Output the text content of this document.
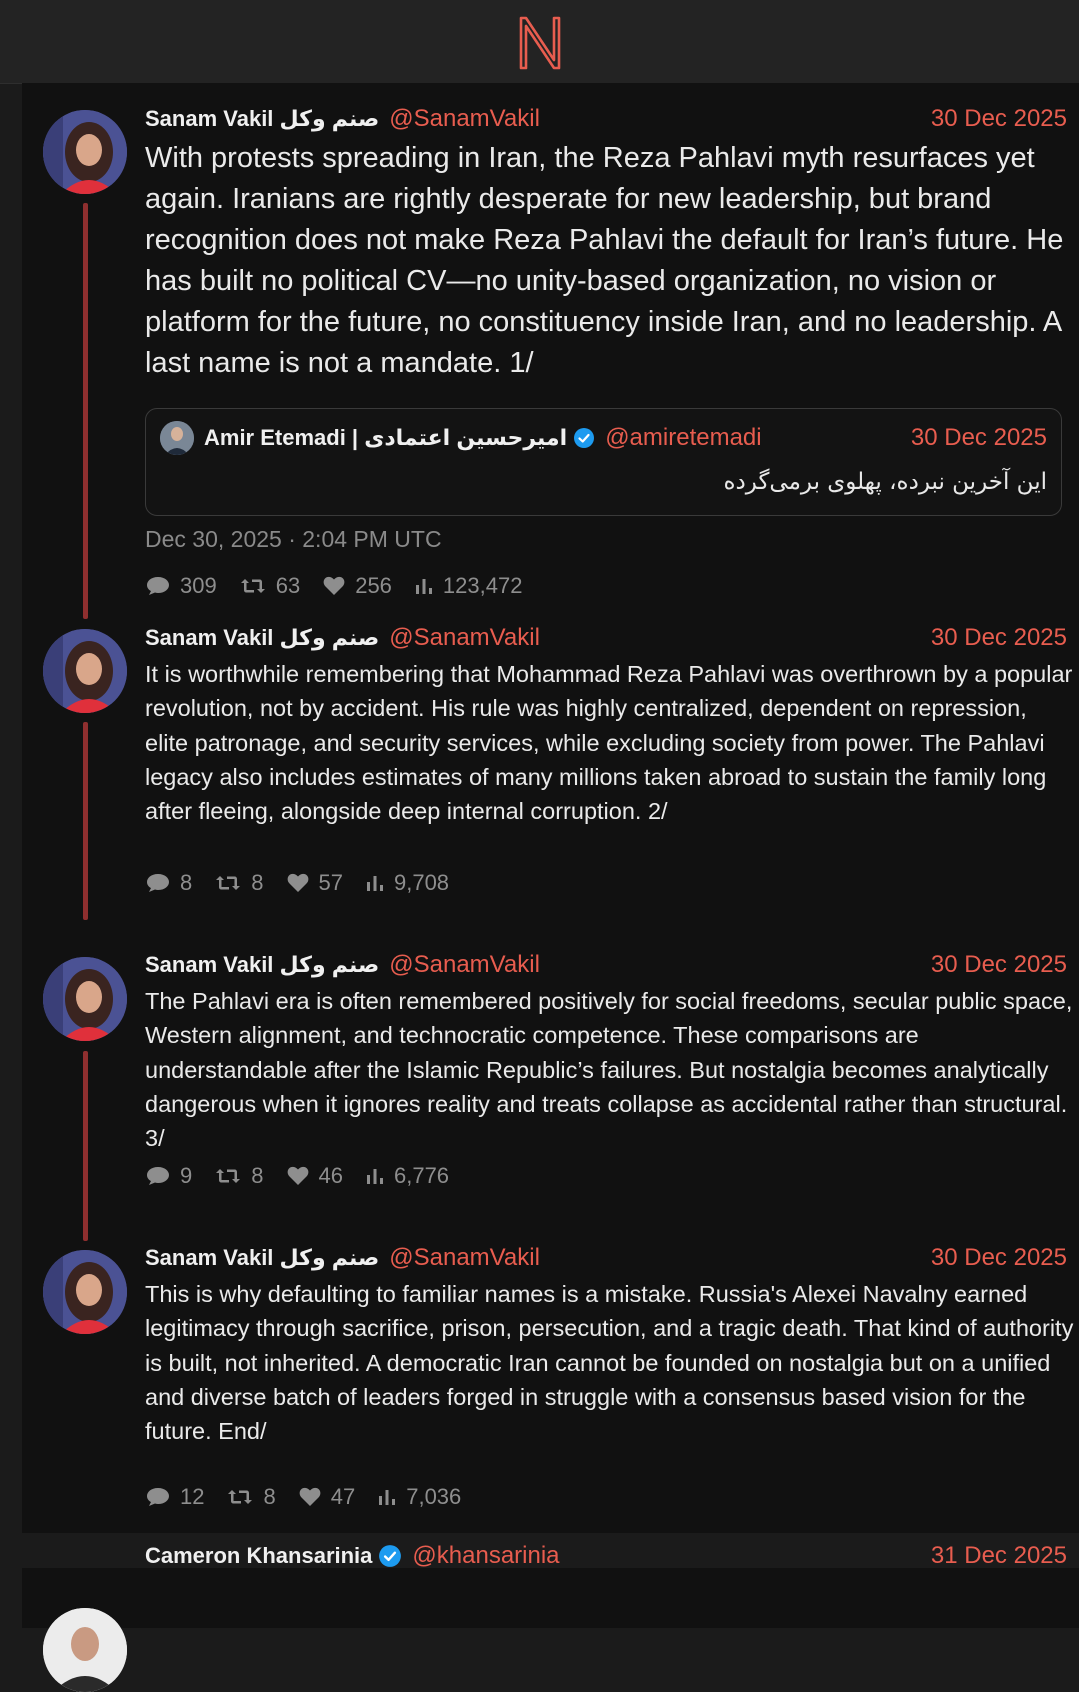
Sanam Vakil صنم وکل @SanamVakil	30 Dec 2025
With protests spreading in Iran, the Reza Pahlavi myth resurfaces yet again. Iranians are rightly desperate for new leadership, but brand recognition does not make Reza Pahlavi the default for Iran’s future. He has built no political CV—no unity-based organization, no vision or platform for the future, no constituency inside Iran, and no leadership. A last name is not a mandate. 1/
Amir Etemadi | امیرحسین اعتمادی @amiretemadi	30 Dec 2025
این آخرین نبرده، پهلوی برمی‌گرده
Dec 30, 2025 · 2:04 PM UTC
309	63	256 123,472
Sanam Vakil صنم وکل @SanamVakil	30 Dec 2025
It is worthwhile remembering that Mohammad Reza Pahlavi was overthrown by a popular revolution, not by accident. His rule was highly centralized, dependent on repression, elite patronage, and security services, while excluding society from power. The Pahlavi legacy also includes estimates of many millions taken abroad to sustain the family long after fleeing, alongside deep internal corruption. 2/
8	8	57 9,708
Sanam Vakil صنم وکل @SanamVakil	30 Dec 2025
The Pahlavi era is often remembered positively for social freedoms, secular public space, Western alignment, and technocratic competence. These comparisons are understandable after the Islamic Republic’s failures. But nostalgia becomes analytically dangerous when it ignores reality and treats collapse as accidental rather than structural. 3/
9	8	46 6,776
Sanam Vakil صنم وکل @SanamVakil	30 Dec 2025
This is why defaulting to familiar names is a mistake. Russia's Alexei Navalny earned legitimacy through sacrifice, prison, persecution, and a tragic death. That kind of authority is built, not inherited. A democratic Iran cannot be founded on nostalgia but on a unified and diverse batch of leaders forged in struggle with a consensus based vision for the future. End/
12	8	47 7,036
Cameron Khansarinia @khansarinia	31 Dec 2025
